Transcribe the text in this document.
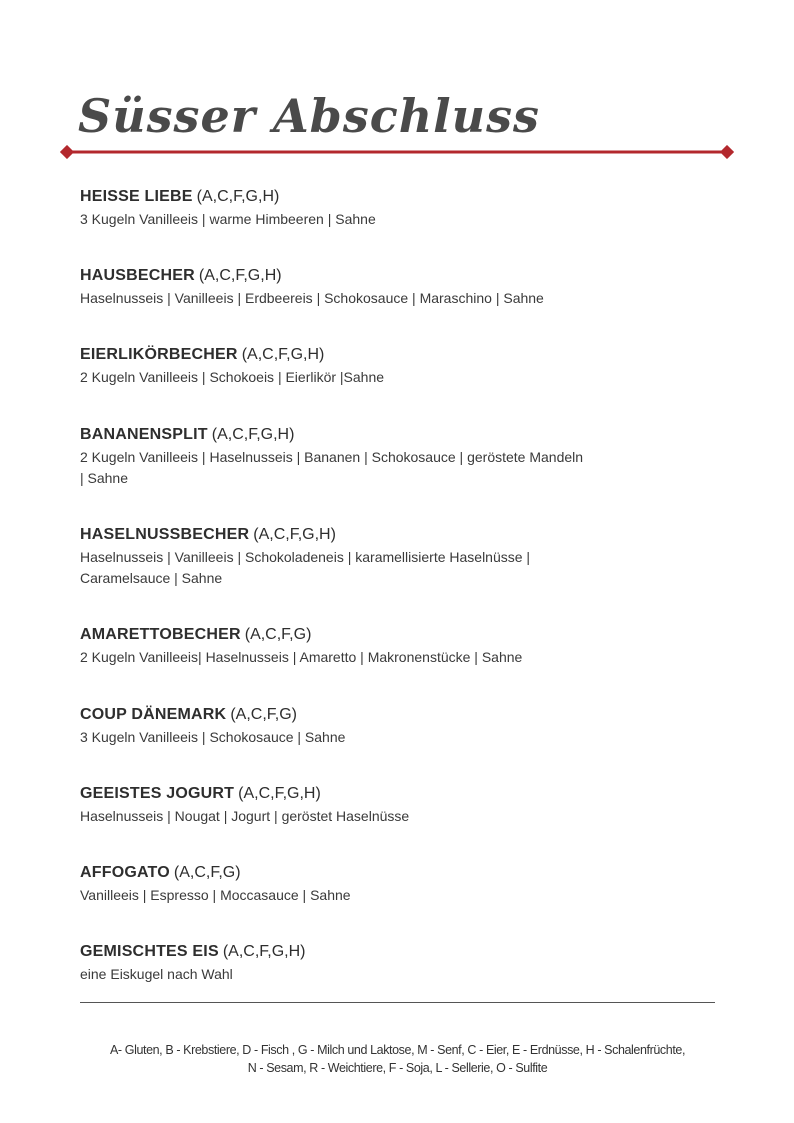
Süsser Abschluss
HEISSE LIEBE (A,C,F,G,H)
3 Kugeln Vanilleeis | warme Himbeeren | Sahne
HAUSBECHER (A,C,F,G,H)
Haselnusseis | Vanilleeis | Erdbeereis | Schokosauce | Maraschino | Sahne
EIERLIKÖRBECHER (A,C,F,G,H)
2 Kugeln Vanilleeis | Schokoeis | Eierlikör |Sahne
BANANENSPLIT (A,C,F,G,H)
2 Kugeln Vanilleeis | Haselnusseis | Bananen | Schokosauce | geröstete Mandeln | Sahne
HASELNUSSBECHER (A,C,F,G,H)
Haselnusseis | Vanilleeis | Schokoladeneis | karamellisierte Haselnüsse | Caramelsauce | Sahne
AMARETTOBECHER (A,C,F,G)
2 Kugeln Vanilleeis| Haselnusseis | Amaretto | Makronenstücke | Sahne
COUP DÄNEMARK (A,C,F,G)
3 Kugeln Vanilleeis | Schokosauce | Sahne
GEEISTES JOGURT (A,C,F,G,H)
Haselnusseis | Nougat | Jogurt | geröstet Haselnüsse
AFFOGATO (A,C,F,G)
Vanilleeis | Espresso | Moccasauce | Sahne
GEMISCHTES EIS (A,C,F,G,H)
eine Eiskugel nach Wahl
A- Gluten, B - Krebstiere, D - Fisch , G - Milch und Laktose, M - Senf, C - Eier, E - Erdnüsse, H - Schalenfrüchte,
N - Sesam, R - Weichtiere, F - Soja, L - Sellerie, O - Sulfite
